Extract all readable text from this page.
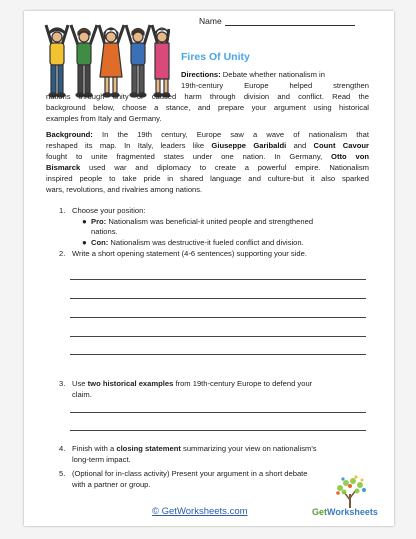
Name
Fires Of Unity

Directions: Debate whether nationalism in

19th-century Europe helped strengthen

nations through unity or caused harm through division and conflict. Read the

background below, choose a stance, and prepare your argument using historical

examples from Italy and Germany.

Background: In the 19th century, Europe saw a wave of nationalism that

reshaped its map. In Italy, leaders like Giuseppe Garibaldi and Count Cavour

fought to unite fragmented states under one nation. In Germany, Otto von

Bismarck used war and diplomacy to create a powerful empire. Nationalism

inspired people to take pride in shared language and culture-but it also sparked

wars, revolutions, and rivalries among nations.

1. Choose your position:
● Pro: Nationalism was beneficial-it united people and strengthened
nations.
● Con: Nationalism was destructive-it fueled conflict and division.
2. Write a short opening statement (4-6 sentences) supporting your side.
3. Use two historical examples from 19th-century Europe to defend your
claim.
4. Finish with a closing statement summarizing your view on nationalism's
long-term impact.
5. (Optional for in-class activity) Present your argument in a short debate
with a partner or group.
© GetWorksheets.com	GetWorksheets
